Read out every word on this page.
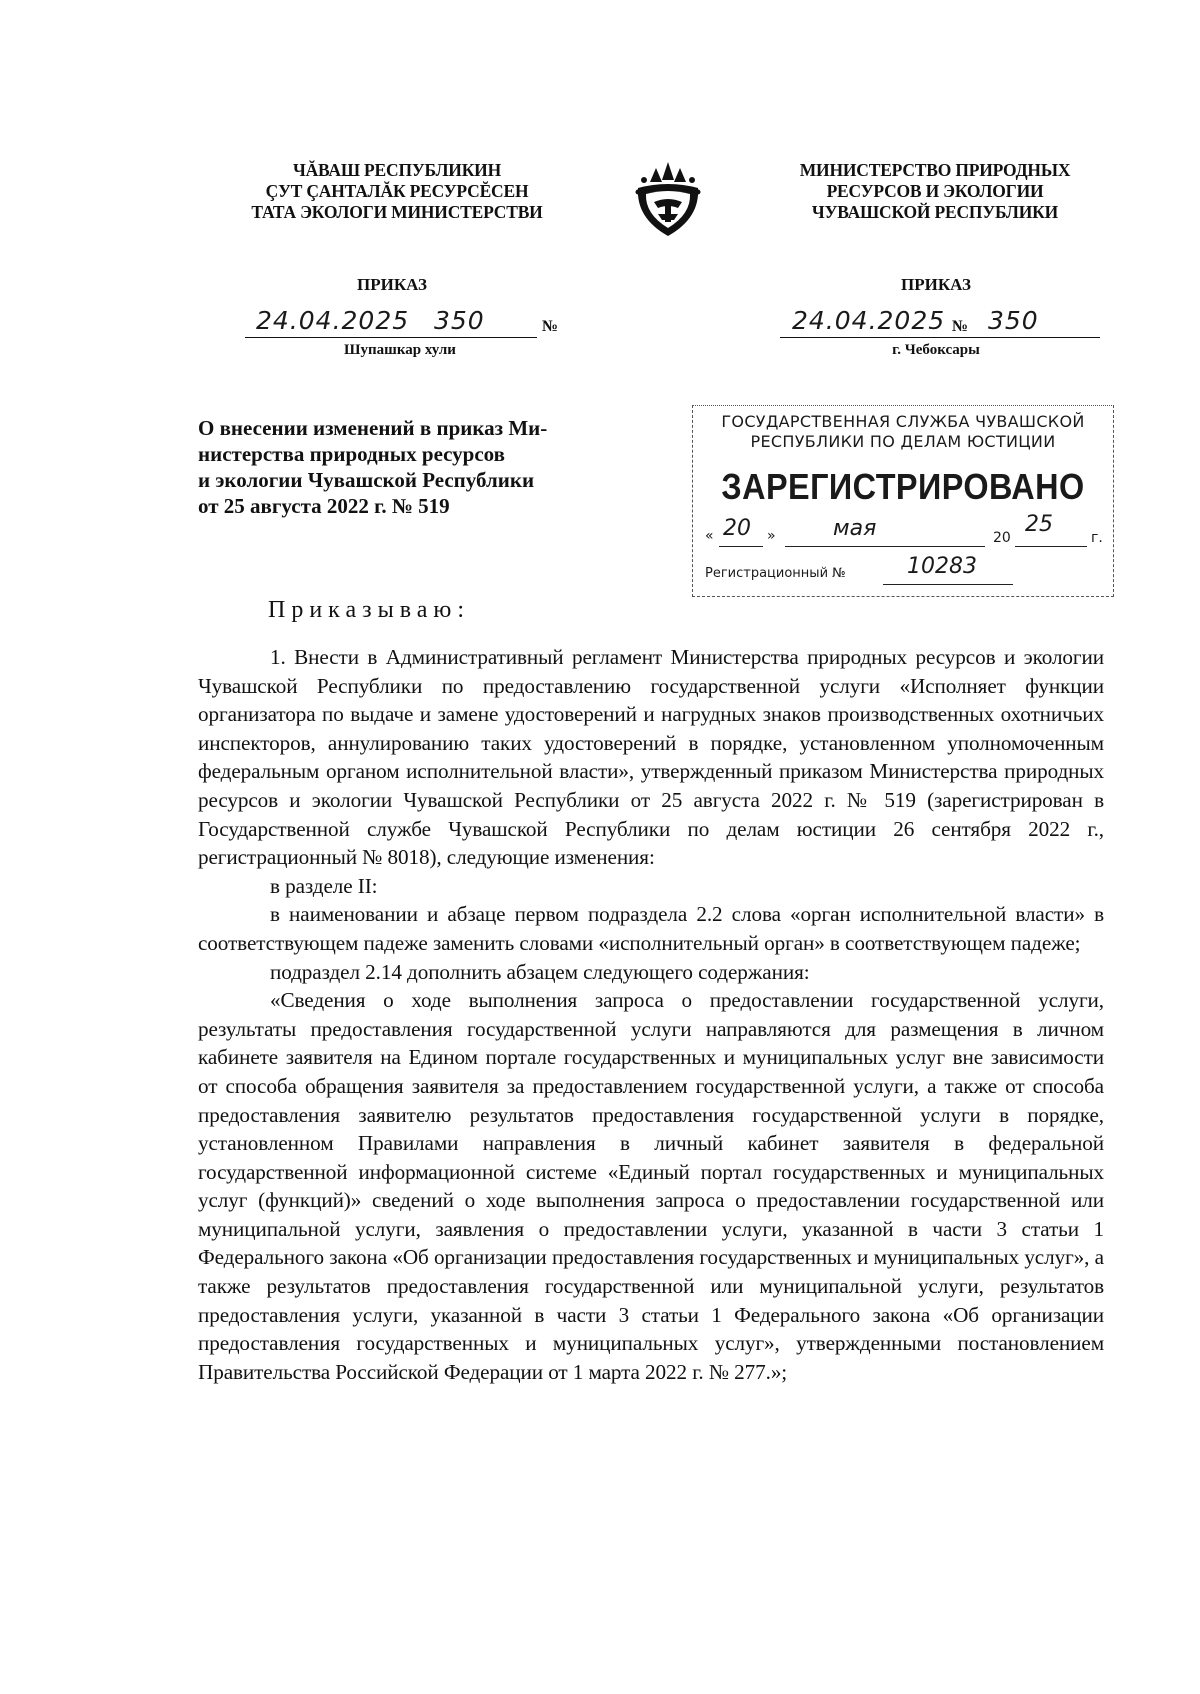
ЧĂВАШ РЕСПУБЛИКИН
ÇУТ ÇАНТАЛĂК РЕСУРСĔСЕН
ТАТА ЭКОЛОГИ МИНИСТЕРСТВИ
МИНИСТЕРСТВО ПРИРОДНЫХ
РЕСУРСОВ И ЭКОЛОГИИ
ЧУВАШСКОЙ РЕСПУБЛИКИ
ПРИКАЗ	ПРИКАЗ
24.04.2025 350	№
Шупашкар хули
24.04.2025 № 350
г. Чебоксары
О внесении изменений в приказ Ми-
нистерства природных ресурсов
и экологии Чувашской Республики
от 25 августа 2022 г. № 519
ГОСУДАРСТВЕННАЯ СЛУЖБА ЧУВАШСКОЙ
РЕСПУБЛИКИ ПО ДЕЛАМ ЮСТИЦИИ
ЗАРЕГИСТРИРОВАНО
« 20 »	мая	20
25
г.
Регистрационный №	10283
Приказываю:

1. Внести в Административный регламент Министерства природных ресурсов и экологии Чувашской Республики по предоставлению государственной услуги «Исполняет функции организатора по выдаче и замене удостоверений и нагрудных знаков производственных охотничьих инспекторов, аннулированию таких удостоверений в порядке, установленном уполномоченным федеральным органом исполнительной власти», утвержденный приказом Министерства природных ресурсов и экологии Чувашской Республики от 25 августа 2022 г. № 519 (зарегистрирован в Государственной службе Чувашской Республики по делам юстиции 26 сентября 2022 г., регистрационный № 8018), следующие изменения:

в разделе II:

в наименовании и абзаце первом подраздела 2.2 слова «орган исполнительной власти» в соответствующем падеже заменить словами «исполнительный орган» в соответствующем падеже;

подраздел 2.14 дополнить абзацем следующего содержания:

«Сведения о ходе выполнения запроса о предоставлении государственной услуги, результаты предоставления государственной услуги направляются для размещения в личном кабинете заявителя на Едином портале государственных и муниципальных услуг вне зависимости от способа обращения заявителя за предоставлением государственной услуги, а также от способа предоставления заявителю результатов предоставления государственной услуги в порядке, установленном Правилами направления в личный кабинет заявителя в федеральной государственной информационной системе «Единый портал государственных и муниципальных услуг (функций)» сведений о ходе выполнения запроса о предоставлении государственной или муниципальной услуги, заявления о предоставлении услуги, указанной в части 3 статьи 1 Федерального закона «Об организации предоставления государственных и муниципальных услуг», а также результатов предоставления государственной или муниципальной услуги, результатов предоставления услуги, указанной в части 3 статьи 1 Федерального закона «Об организации предоставления государственных и муниципальных услуг», утвержденными постановлением Правительства Российской Федерации от 1 марта 2022 г. № 277.»;
